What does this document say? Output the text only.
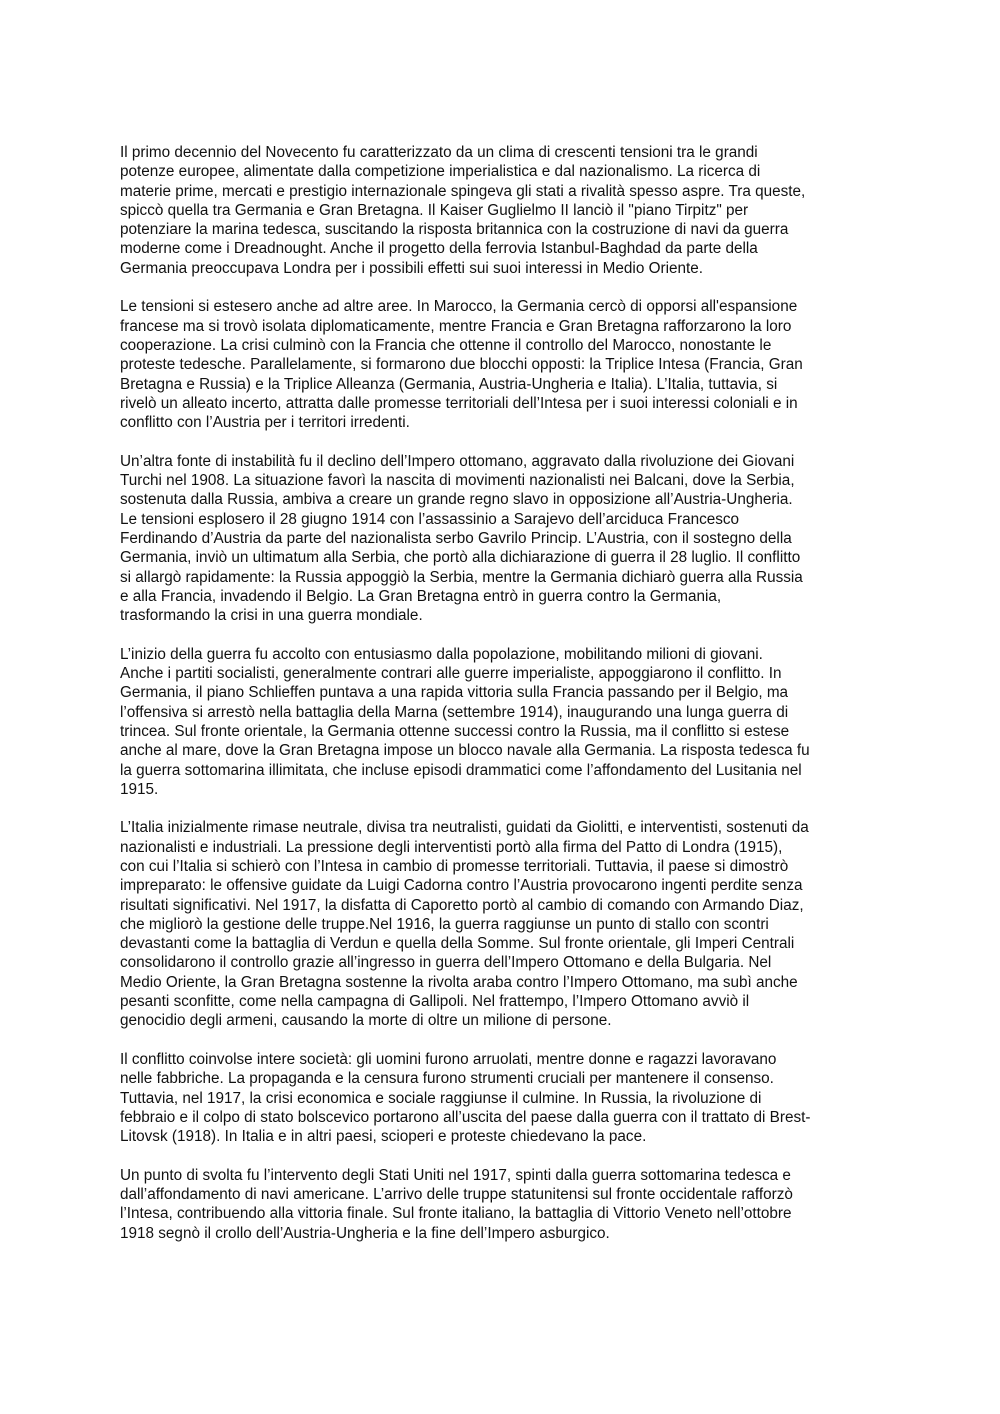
Il primo decennio del Novecento fu caratterizzato da un clima di crescenti tensioni tra le grandi
potenze europee, alimentate dalla competizione imperialistica e dal nazionalismo. La ricerca di
materie prime, mercati e prestigio internazionale spingeva gli stati a rivalità spesso aspre. Tra queste,
spiccò quella tra Germania e Gran Bretagna. Il Kaiser Guglielmo II lanciò il "piano Tirpitz" per
potenziare la marina tedesca, suscitando la risposta britannica con la costruzione di navi da guerra
moderne come i Dreadnought. Anche il progetto della ferrovia Istanbul-Baghdad da parte della
Germania preoccupava Londra per i possibili effetti sui suoi interessi in Medio Oriente.

Le tensioni si estesero anche ad altre aree. In Marocco, la Germania cercò di opporsi all'espansione
francese ma si trovò isolata diplomaticamente, mentre Francia e Gran Bretagna rafforzarono la loro
cooperazione. La crisi culminò con la Francia che ottenne il controllo del Marocco, nonostante le
proteste tedesche. Parallelamente, si formarono due blocchi opposti: la Triplice Intesa (Francia, Gran
Bretagna e Russia) e la Triplice Alleanza (Germania, Austria-Ungheria e Italia). L’Italia, tuttavia, si
rivelò un alleato incerto, attratta dalle promesse territoriali dell’Intesa per i suoi interessi coloniali e in
conflitto con l’Austria per i territori irredenti.

Un’altra fonte di instabilità fu il declino dell’Impero ottomano, aggravato dalla rivoluzione dei Giovani
Turchi nel 1908. La situazione favorì la nascita di movimenti nazionalisti nei Balcani, dove la Serbia,
sostenuta dalla Russia, ambiva a creare un grande regno slavo in opposizione all’Austria-Ungheria.
Le tensioni esplosero il 28 giugno 1914 con l’assassinio a Sarajevo dell’arciduca Francesco
Ferdinando d’Austria da parte del nazionalista serbo Gavrilo Princip. L’Austria, con il sostegno della
Germania, inviò un ultimatum alla Serbia, che portò alla dichiarazione di guerra il 28 luglio. Il conflitto
si allargò rapidamente: la Russia appoggiò la Serbia, mentre la Germania dichiarò guerra alla Russia
e alla Francia, invadendo il Belgio. La Gran Bretagna entrò in guerra contro la Germania,
trasformando la crisi in una guerra mondiale.

L’inizio della guerra fu accolto con entusiasmo dalla popolazione, mobilitando milioni di giovani.
Anche i partiti socialisti, generalmente contrari alle guerre imperialiste, appoggiarono il conflitto. In
Germania, il piano Schlieffen puntava a una rapida vittoria sulla Francia passando per il Belgio, ma
l’offensiva si arrestò nella battaglia della Marna (settembre 1914), inaugurando una lunga guerra di
trincea. Sul fronte orientale, la Germania ottenne successi contro la Russia, ma il conflitto si estese
anche al mare, dove la Gran Bretagna impose un blocco navale alla Germania. La risposta tedesca fu
la guerra sottomarina illimitata, che incluse episodi drammatici come l’affondamento del Lusitania nel
1915.

L’Italia inizialmente rimase neutrale, divisa tra neutralisti, guidati da Giolitti, e interventisti, sostenuti da
nazionalisti e industriali. La pressione degli interventisti portò alla firma del Patto di Londra (1915),
con cui l’Italia si schierò con l’Intesa in cambio di promesse territoriali. Tuttavia, il paese si dimostrò
impreparato: le offensive guidate da Luigi Cadorna contro l’Austria provocarono ingenti perdite senza
risultati significativi. Nel 1917, la disfatta di Caporetto portò al cambio di comando con Armando Diaz,
che migliorò la gestione delle truppe.Nel 1916, la guerra raggiunse un punto di stallo con scontri
devastanti come la battaglia di Verdun e quella della Somme. Sul fronte orientale, gli Imperi Centrali
consolidarono il controllo grazie all’ingresso in guerra dell’Impero Ottomano e della Bulgaria. Nel
Medio Oriente, la Gran Bretagna sostenne la rivolta araba contro l’Impero Ottomano, ma subì anche
pesanti sconfitte, come nella campagna di Gallipoli. Nel frattempo, l’Impero Ottomano avviò il
genocidio degli armeni, causando la morte di oltre un milione di persone.

Il conflitto coinvolse intere società: gli uomini furono arruolati, mentre donne e ragazzi lavoravano
nelle fabbriche. La propaganda e la censura furono strumenti cruciali per mantenere il consenso.
Tuttavia, nel 1917, la crisi economica e sociale raggiunse il culmine. In Russia, la rivoluzione di
febbraio e il colpo di stato bolscevico portarono all’uscita del paese dalla guerra con il trattato di Brest-
Litovsk (1918). In Italia e in altri paesi, scioperi e proteste chiedevano la pace.

Un punto di svolta fu l’intervento degli Stati Uniti nel 1917, spinti dalla guerra sottomarina tedesca e
dall’affondamento di navi americane. L’arrivo delle truppe statunitensi sul fronte occidentale rafforzò
l’Intesa, contribuendo alla vittoria finale. Sul fronte italiano, la battaglia di Vittorio Veneto nell’ottobre
1918 segnò il crollo dell’Austria-Ungheria e la fine dell’Impero asburgico.
